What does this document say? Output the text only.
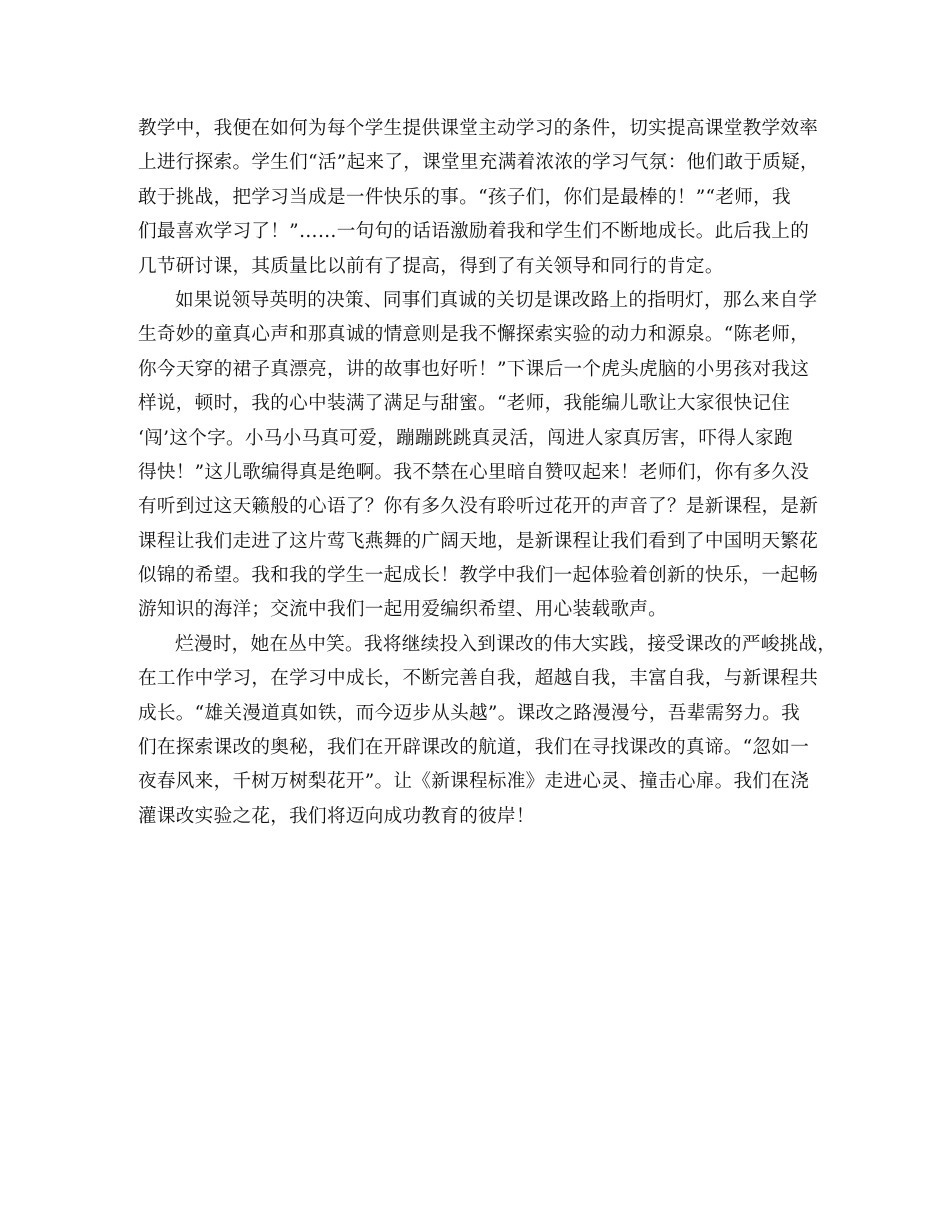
教学中，我便在如何为每个学生提供课堂主动学习的条件，切实提高课堂教学效率
上进行探索。学生们“活”起来了，课堂里充满着浓浓的学习气氛：他们敢于质疑，
敢于挑战，把学习当成是一件快乐的事。“孩子们，你们是最棒的！”“老师，我
们最喜欢学习了！”……一句句的话语激励着我和学生们不断地成长。此后我上的
几节研讨课，其质量比以前有了提高，得到了有关领导和同行的肯定。
如果说领导英明的决策、同事们真诚的关切是课改路上的指明灯，那么来自学
生奇妙的童真心声和那真诚的情意则是我不懈探索实验的动力和源泉。“陈老师，
你今天穿的裙子真漂亮，讲的故事也好听！”下课后一个虎头虎脑的小男孩对我这
样说，顿时，我的心中装满了满足与甜蜜。“老师，我能编儿歌让大家很快记住
‘闯’这个字。小马小马真可爱，蹦蹦跳跳真灵活，闯进人家真厉害，吓得人家跑
得快！”这儿歌编得真是绝啊。我不禁在心里暗自赞叹起来！老师们，你有多久没
有听到过这天籁般的心语了？你有多久没有聆听过花开的声音了？是新课程，是新
课程让我们走进了这片莺飞燕舞的广阔天地，是新课程让我们看到了中国明天繁花
似锦的希望。我和我的学生一起成长！教学中我们一起体验着创新的快乐，一起畅
游知识的海洋；交流中我们一起用爱编织希望、用心装载歌声。
烂漫时，她在丛中笑。我将继续投入到课改的伟大实践，接受课改的严峻挑战，
在工作中学习，在学习中成长，不断完善自我，超越自我，丰富自我，与新课程共
成长。“雄关漫道真如铁，而今迈步从头越”。课改之路漫漫兮，吾辈需努力。我
们在探索课改的奥秘，我们在开辟课改的航道，我们在寻找课改的真谛。“忽如一
夜春风来，千树万树梨花开”。让《新课程标准》走进心灵、撞击心扉。我们在浇
灌课改实验之花，我们将迈向成功教育的彼岸！
